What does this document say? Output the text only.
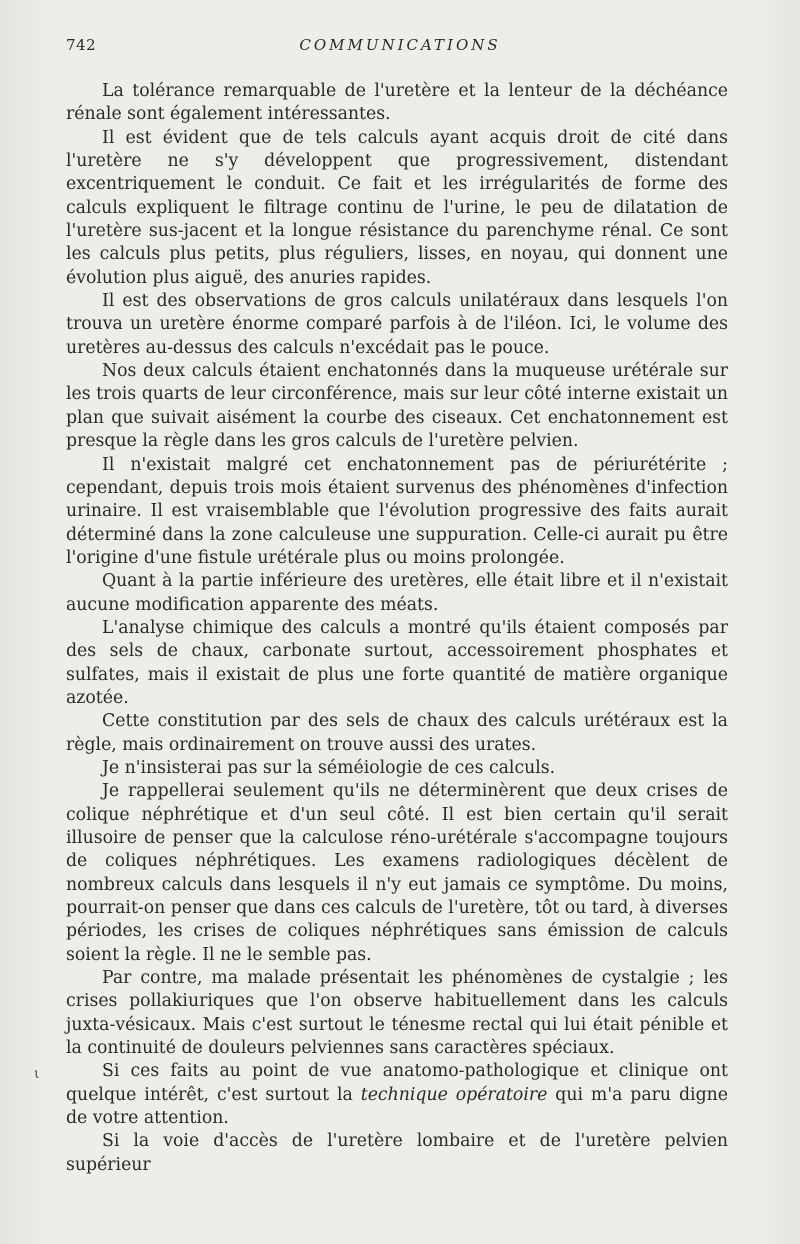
742	COMMUNICATIONS
ι

La tolérance remarquable de l'uretère et la lenteur de la déchéance rénale sont également intéressantes.

Il est évident que de tels calculs ayant acquis droit de cité dans l'uretère ne s'y développent que progressivement, distendant excentriquement le conduit. Ce fait et les irrégularités de forme des calculs expliquent le filtrage continu de l'urine, le peu de dilatation de l'uretère sus-jacent et la longue résistance du parenchyme rénal. Ce sont les calculs plus petits, plus réguliers, lisses, en noyau, qui donnent une évolution plus aiguë, des anuries rapides.

Il est des observations de gros calculs unilatéraux dans lesquels l'on trouva un uretère énorme comparé parfois à de l'iléon. Ici, le volume des uretères au-dessus des calculs n'excédait pas le pouce.

Nos deux calculs étaient enchatonnés dans la muqueuse urétérale sur les trois quarts de leur circonférence, mais sur leur côté interne existait un plan que suivait aisément la courbe des ciseaux. Cet enchatonnement est presque la règle dans les gros calculs de l'uretère pelvien.

Il n'existait malgré cet enchatonnement pas de périurétérite ; cependant, depuis trois mois étaient survenus des phénomènes d'infection urinaire. Il est vraisemblable que l'évolution progressive des faits aurait déterminé dans la zone calculeuse une suppuration. Celle-ci aurait pu être l'origine d'une fistule urétérale plus ou moins prolongée.

Quant à la partie inférieure des uretères, elle était libre et il n'existait aucune modification apparente des méats.

L'analyse chimique des calculs a montré qu'ils étaient composés par des sels de chaux, carbonate surtout, accessoirement phosphates et sulfates, mais il existait de plus une forte quantité de matière organique azotée.

Cette constitution par des sels de chaux des calculs urétéraux est la règle, mais ordinairement on trouve aussi des urates.

Je n'insisterai pas sur la séméiologie de ces calculs.

Je rappellerai seulement qu'ils ne déterminèrent que deux crises de colique néphrétique et d'un seul côté. Il est bien certain qu'il serait illusoire de penser que la calculose réno-urétérale s'accompagne toujours de coliques néphrétiques. Les examens radiologiques décèlent de nombreux calculs dans lesquels il n'y eut jamais ce symptôme. Du moins, pourrait-on penser que dans ces calculs de l'uretère, tôt ou tard, à diverses périodes, les crises de coliques néphrétiques sans émission de calculs soient la règle. Il ne le semble pas.

Par contre, ma malade présentait les phénomènes de cystalgie ; les crises pollakiuriques que l'on observe habituellement dans les calculs juxta-vésicaux. Mais c'est surtout le ténesme rectal qui lui était pénible et la continuité de douleurs pelviennes sans caractères spéciaux.

Si ces faits au point de vue anatomo-pathologique et clinique ont quelque intérêt, c'est surtout la technique opératoire qui m'a paru digne de votre attention.

Si la voie d'accès de l'uretère lombaire et de l'uretère pelvien supérieur
